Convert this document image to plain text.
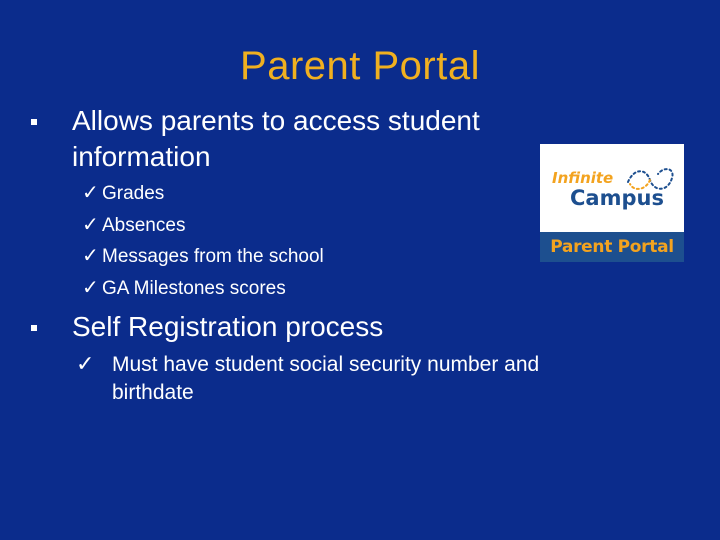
Parent Portal
Allows parents to access student
information
✓ Grades
✓ Absences
✓ Messages from the school
✓ GA Milestones scores
Self Registration process
✓ Must have student social security number and
birthdate
Infinite
Campus
Parent Portal
